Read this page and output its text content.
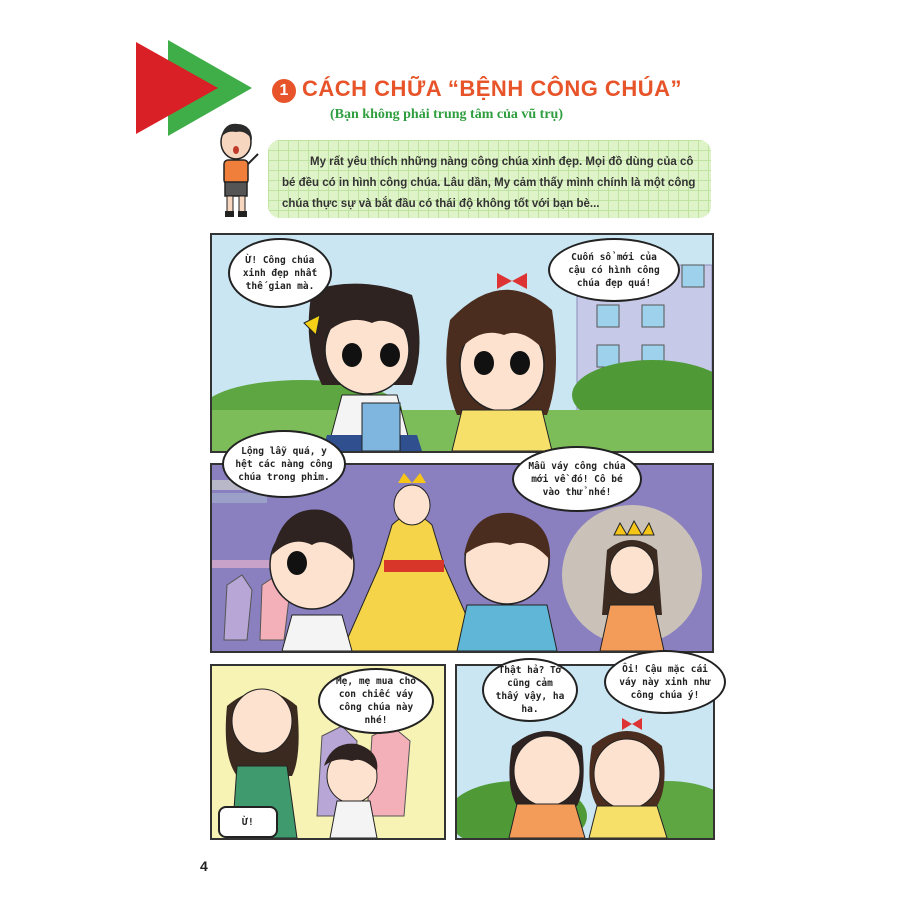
1 CÁCH CHỮA “BỆNH CÔNG CHÚA”
(Bạn không phải trung tâm của vũ trụ)
My rất yêu thích những nàng công chúa xinh đẹp. Mọi đồ dùng của cô bé đều có in hình công chúa. Lâu dần, My cảm thấy mình chính là một công chúa thực sự và bắt đầu có thái độ không tốt với bạn bè...
Ừ! Công chúa xinh đẹp nhất thế gian mà.
Cuốn sổ mới của cậu có hình công chúa đẹp quá!
Lộng lẫy quá, y hệt các nàng công chúa trong phim.
Mẫu váy công chúa mới về đó! Cô bé vào thử nhé!
Mẹ, mẹ mua cho con chiếc váy công chúa này nhé!
Ừ!
Thật hả? Tớ cũng cảm thấy vậy, ha ha.
Ôi! Cậu mặc cái váy này xinh như công chúa ý!
4
